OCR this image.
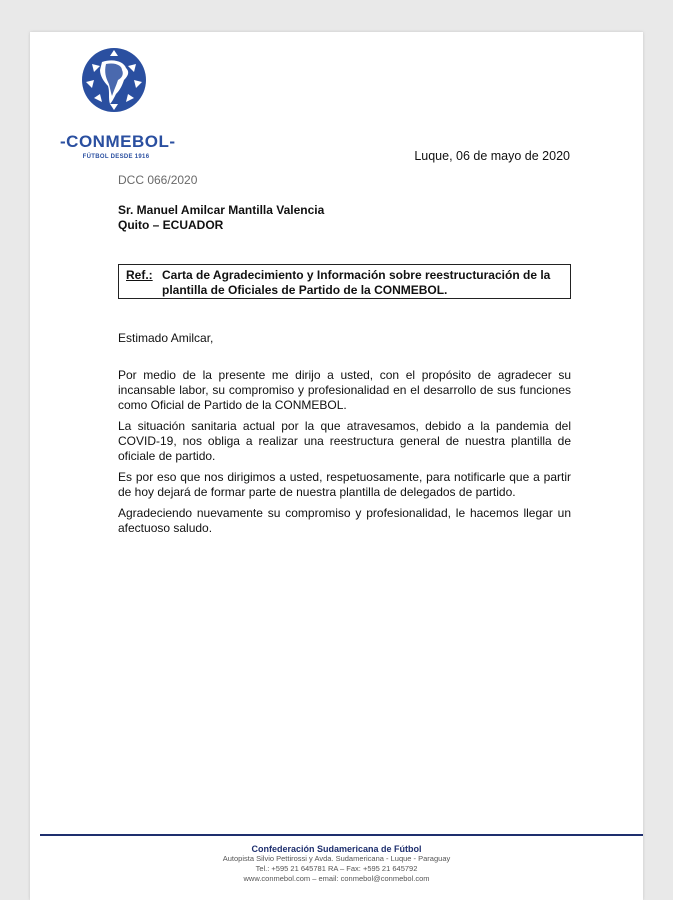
-CONMEBOL-
FÚTBOL DESDE 1916	Luque, 06 de mayo de 2020
DCC 066/2020
Sr. Manuel Amilcar Mantilla Valencia
Quito – ECUADOR
Ref.: Carta de Agradecimiento y Información sobre reestructuración de la plantilla de Oficiales de Partido de la CONMEBOL.

Estimado Amilcar,

Por medio de la presente me dirijo a usted, con el propósito de agradecer su incansable labor, su compromiso y profesionalidad en el desarrollo de sus funciones como Oficial de Partido de la CONMEBOL.

La situación sanitaria actual por la que atravesamos, debido a la pandemia del COVID-19, nos obliga a realizar una reestructura general de nuestra plantilla de oficiale de partido.

Es por eso que nos dirigimos a usted, respetuosamente, para notificarle que a partir de hoy dejará de formar parte de nuestra plantilla de delegados de partido.

Agradeciendo nuevamente su compromiso y profesionalidad, le hacemos llegar un afectuoso saludo.

Confederación Sudamericana de Fútbol
Autopista Silvio Pettirossi y Avda. Sudamericana - Luque - Paraguay
Tel.: +595 21 645781 RA – Fax: +595 21 645792
www.conmebol.com – email: conmebol@conmebol.com
